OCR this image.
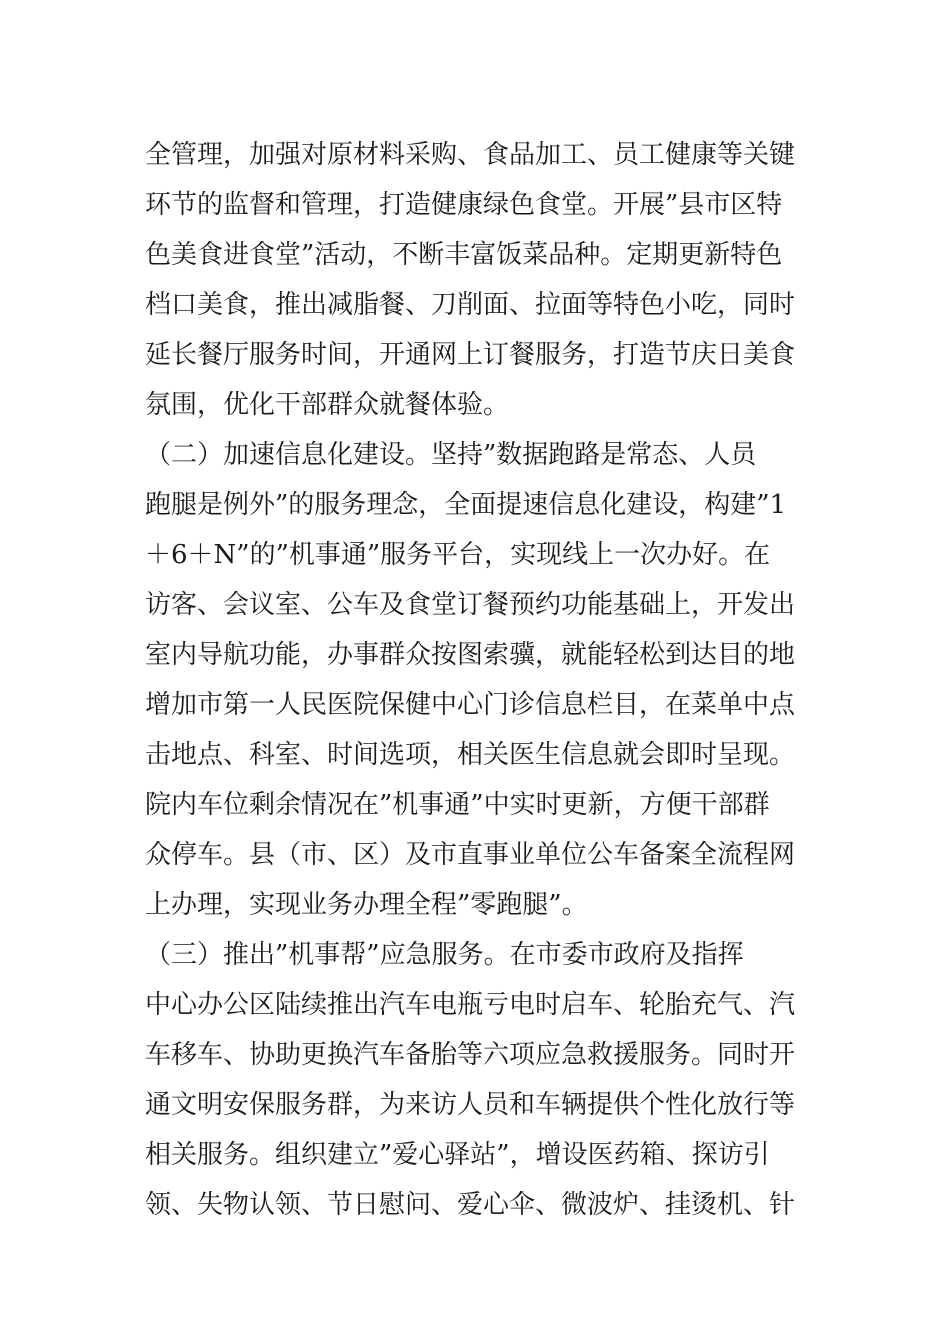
全管理，加强对原材料采购、食品加工、员工健康等关键
环节的监督和管理，打造健康绿色食堂。开展”县市区特
色美食进食堂”活动，不断丰富饭菜品种。定期更新特色
档口美食，推出减脂餐、刀削面、拉面等特色小吃，同时
延长餐厅服务时间，开通网上订餐服务，打造节庆日美食
氛围，优化干部群众就餐体验。
（二）加速信息化建设。坚持”数据跑路是常态、人员
跑腿是例外”的服务理念，全面提速信息化建设，构建”1
＋6＋N”的”机事通”服务平台，实现线上一次办好。在
访客、会议室、公车及食堂订餐预约功能基础上，开发出
室内导航功能，办事群众按图索骥，就能轻松到达目的地
增加市第一人民医院保健中心门诊信息栏目，在菜单中点
击地点、科室、时间选项，相关医生信息就会即时呈现。
院内车位剩余情况在”机事通”中实时更新，方便干部群
众停车。县（市、区）及市直事业单位公车备案全流程网
上办理，实现业务办理全程”零跑腿”。
（三）推出”机事帮”应急服务。在市委市政府及指挥
中心办公区陆续推出汽车电瓶亏电时启车、轮胎充气、汽
车移车、协助更换汽车备胎等六项应急救援服务。同时开
通文明安保服务群，为来访人员和车辆提供个性化放行等
相关服务。组织建立”爱心驿站”，增设医药箱、探访引
领、失物认领、节日慰问、爱心伞、微波炉、挂烫机、针
